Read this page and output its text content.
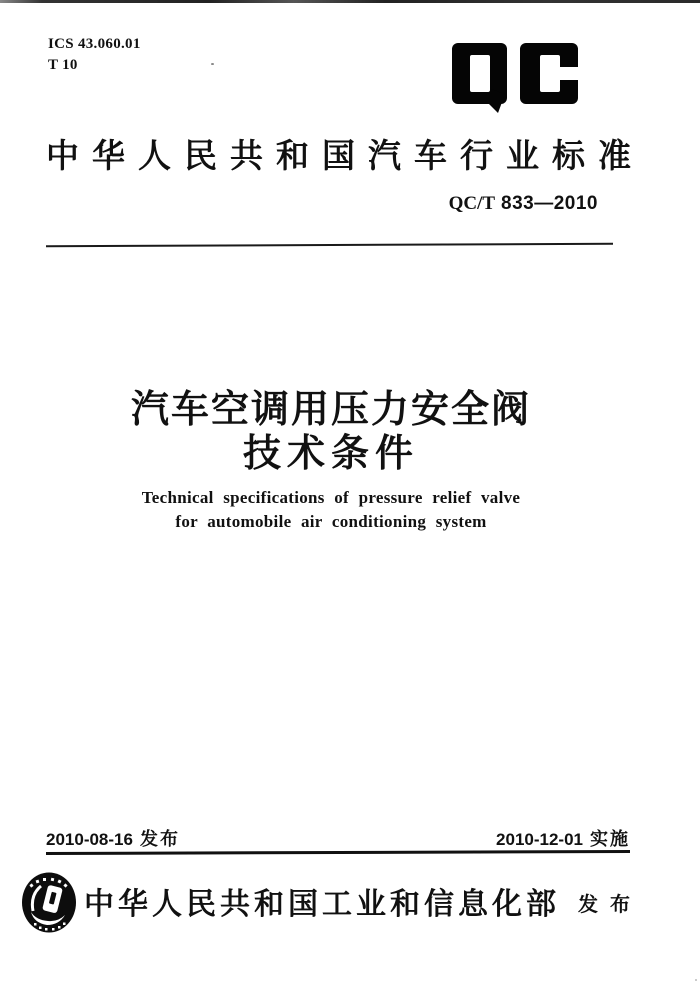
ICS 43.060.01
T 10
中华人民共和国汽车行业标准
QC/T 833—2010
汽车空调用压力安全阀
技术条件
Technical specifications of pressure relief valve
for automobile air conditioning system
2010-08-16 发布	2010-12-01 实施
中华人民共和国工业和信息化部 发布
